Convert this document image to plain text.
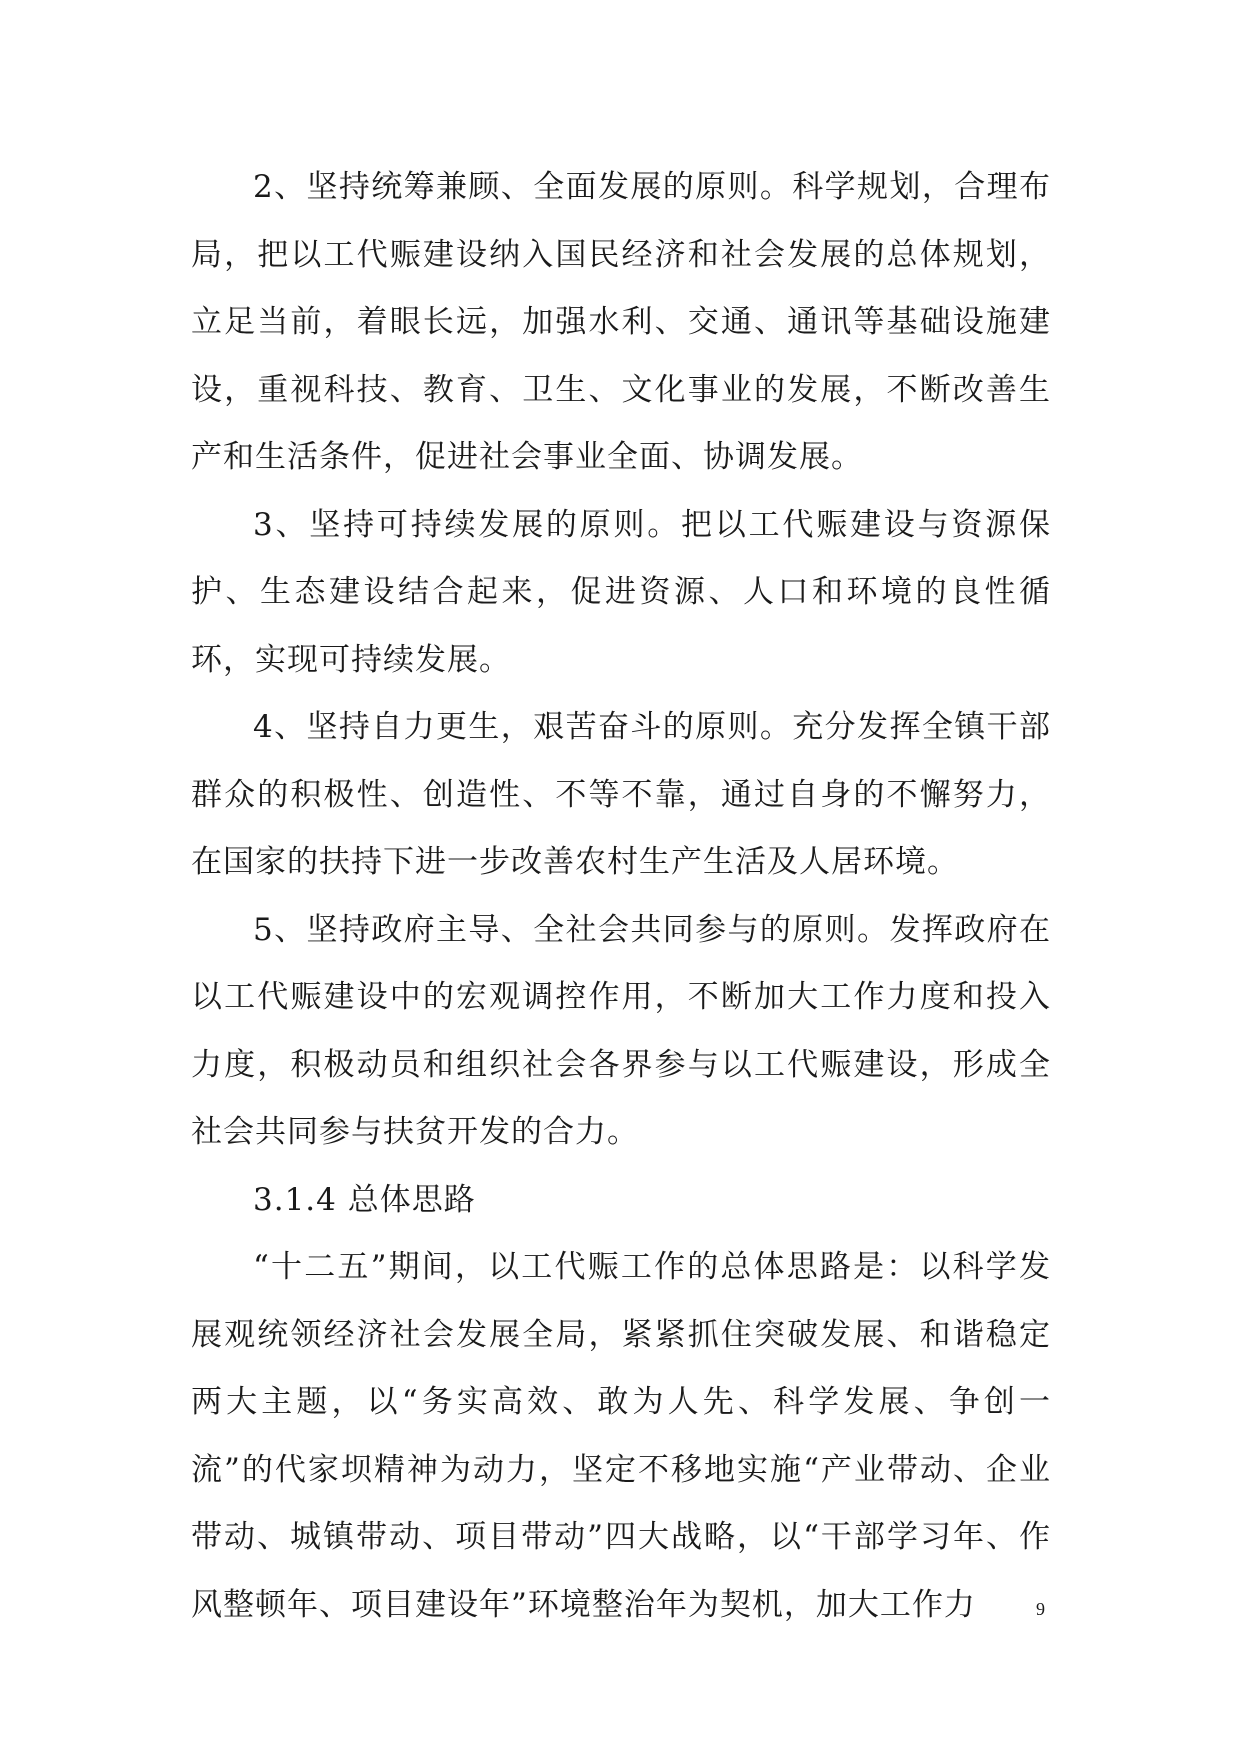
2、坚持统筹兼顾、全面发展的原则。科学规划，合理布局，把以工代赈建设纳入国民经济和社会发展的总体规划，立足当前，着眼长远，加强水利、交通、通讯等基础设施建设，重视科技、教育、卫生、文化事业的发展，不断改善生产和生活条件，促进社会事业全面、协调发展。

3、坚持可持续发展的原则。把以工代赈建设与资源保护、生态建设结合起来，促进资源、人口和环境的良性循环，实现可持续发展。

4、坚持自力更生，艰苦奋斗的原则。充分发挥全镇干部群众的积极性、创造性、不等不靠，通过自身的不懈努力，在国家的扶持下进一步改善农村生产生活及人居环境。

5、坚持政府主导、全社会共同参与的原则。发挥政府在以工代赈建设中的宏观调控作用，不断加大工作力度和投入力度，积极动员和组织社会各界参与以工代赈建设，形成全社会共同参与扶贫开发的合力。

3.1.4 总体思路

“十二五”期间，以工代赈工作的总体思路是：以科学发展观统领经济社会发展全局，紧紧抓住突破发展、和谐稳定两大主题，以“务实高效、敢为人先、科学发展、争创一流”的代家坝精神为动力，坚定不移地实施“产业带动、企业带动、城镇带动、项目带动”四大战略，以“干部学习年、作风整顿年、项目建设年”环境整治年为契机，加大工作力	9
